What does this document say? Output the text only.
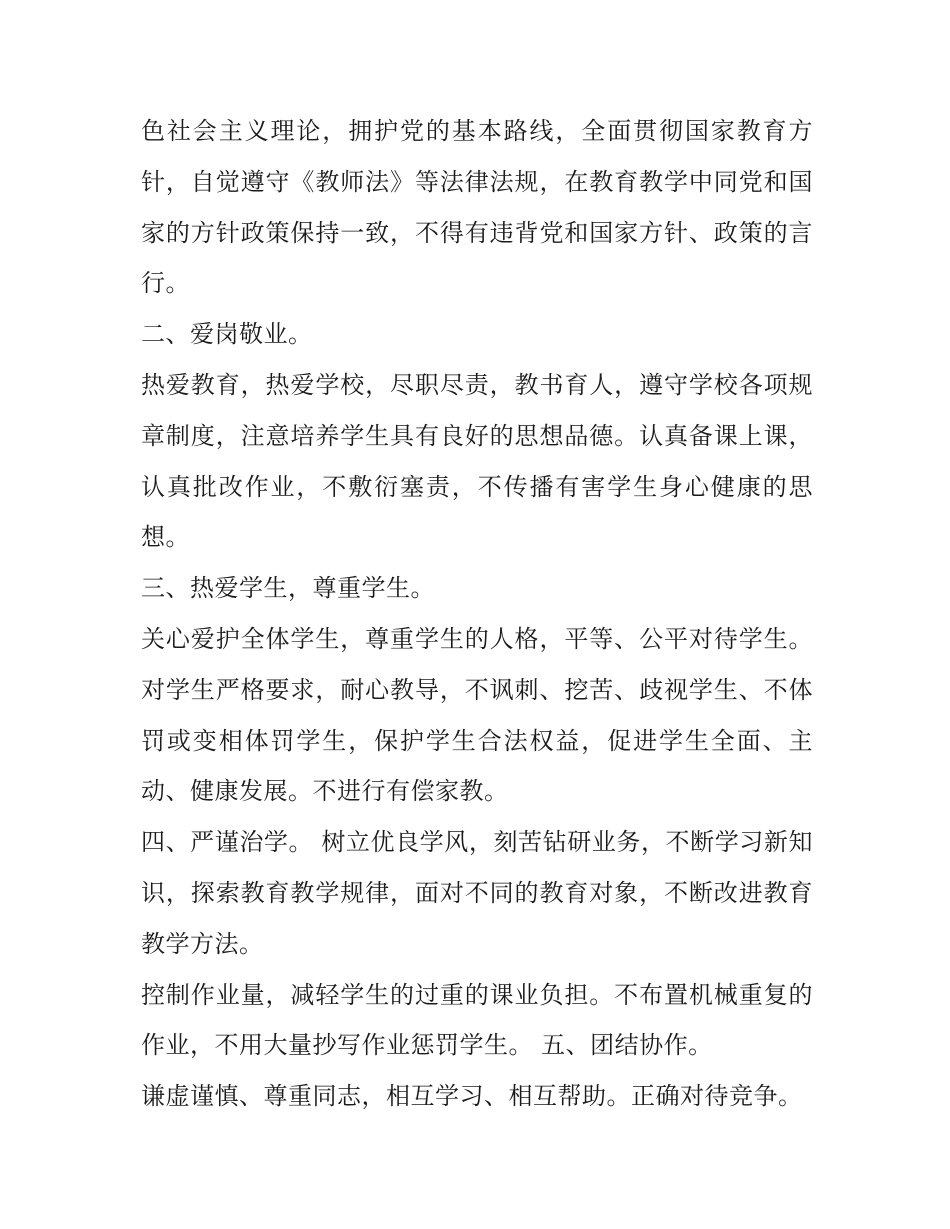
色社会主义理论，拥护党的基本路线，全面贯彻国家教育方针，自觉遵守《教师法》等法律法规，在教育教学中同党和国家的方针政策保持一致，不得有违背党和国家方针、政策的言行。

二、爱岗敬业。

热爱教育，热爱学校，尽职尽责，教书育人，遵守学校各项规章制度，注意培养学生具有良好的思想品德。认真备课上课，认真批改作业，不敷衍塞责，不传播有害学生身心健康的思想。

三、热爱学生，尊重学生。

关心爱护全体学生，尊重学生的人格，平等、公平对待学生。对学生严格要求，耐心教导，不讽刺、挖苦、歧视学生、不体罚或变相体罚学生，保护学生合法权益，促进学生全面、主动、健康发展。不进行有偿家教。

四、严谨治学。 树立优良学风，刻苦钻研业务，不断学习新知识，探索教育教学规律，面对不同的教育对象，不断改进教育教学方法。

控制作业量，减轻学生的过重的课业负担。不布置机械重复的作业，不用大量抄写作业惩罚学生。 五、团结协作。

谦虚谨慎、尊重同志，相互学习、相互帮助。正确对待竞争。
